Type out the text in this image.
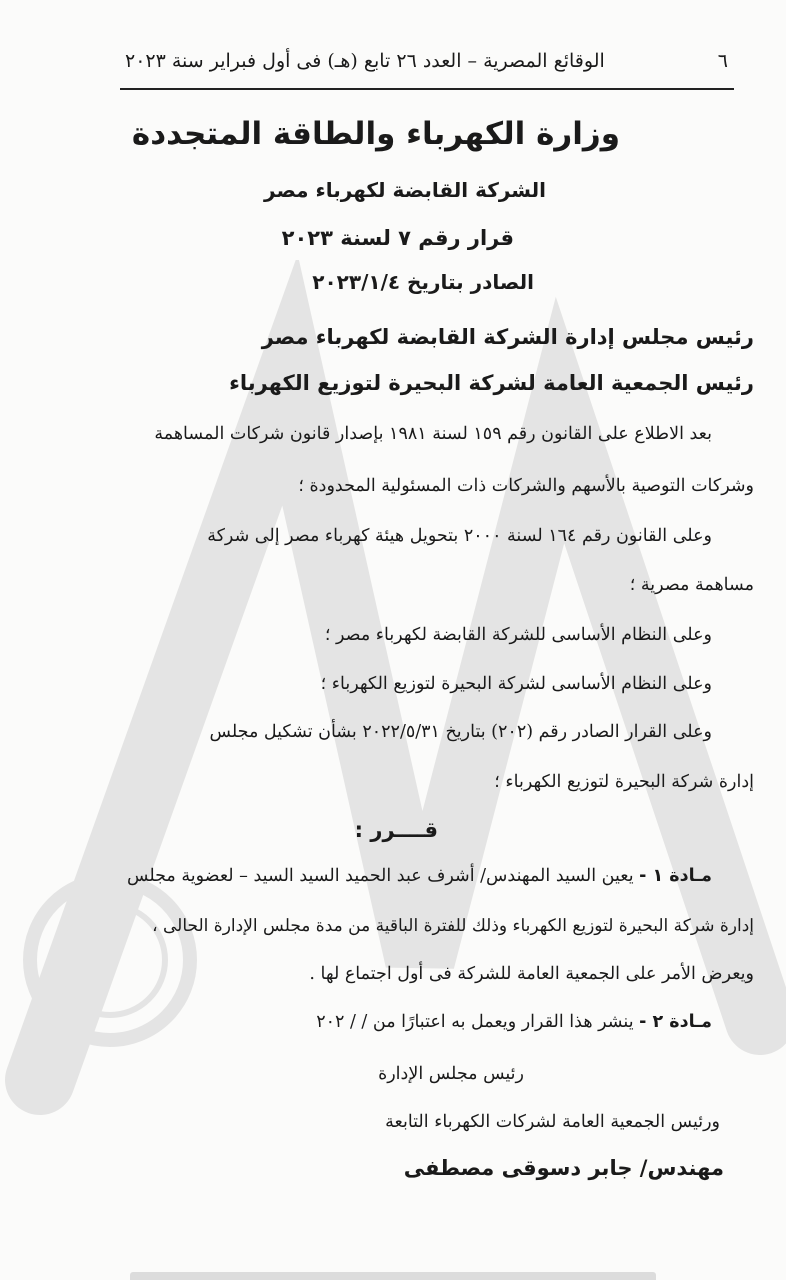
٦
الوقائع المصرية – العدد ٢٦ تابع (هـ) فى أول فبراير سنة ٢٠٢٣
وزارة الكهرباء والطاقة المتجددة
الشركة القابضة لكهرباء مصر
قرار رقم ٧ لسنة ٢٠٢٣
الصادر بتاريخ ٢٠٢٣/١/٤
رئيس مجلس إدارة الشركة القابضة لكهرباء مصر
رئيس الجمعية العامة لشركة البحيرة لتوزيع الكهرباء
بعد الاطلاع على القانون رقم ١٥٩ لسنة ١٩٨١ بإصدار قانون شركات المساهمة
وشركات التوصية بالأسهم والشركات ذات المسئولية المحدودة ؛
وعلى القانون رقم ١٦٤ لسنة ٢٠٠٠ بتحويل هيئة كهرباء مصر إلى شركة
مساهمة مصرية ؛
وعلى النظام الأساسى للشركة القابضة لكهرباء مصر ؛
وعلى النظام الأساسى لشركة البحيرة لتوزيع الكهرباء ؛
وعلى القرار الصادر رقم (٢٠٢) بتاريخ ٢٠٢٢/٥/٣١ بشأن تشكيل مجلس
إدارة شركة البحيرة لتوزيع الكهرباء ؛
قــــرر :
مـادة ١ - يعين السيد المهندس/ أشرف عبد الحميد السيد السيد – لعضوية مجلس
إدارة شركة البحيرة لتوزيع الكهرباء وذلك للفترة الباقية من مدة مجلس الإدارة الحالى ،
ويعرض الأمر على الجمعية العامة للشركة فى أول اجتماع لها .
مـادة ٢ - ينشر هذا القرار ويعمل به اعتبارًا من / / ٢٠٢
رئيس مجلس الإدارة
ورئيس الجمعية العامة لشركات الكهرباء التابعة
مهندس/ جابر دسوقى مصطفى
